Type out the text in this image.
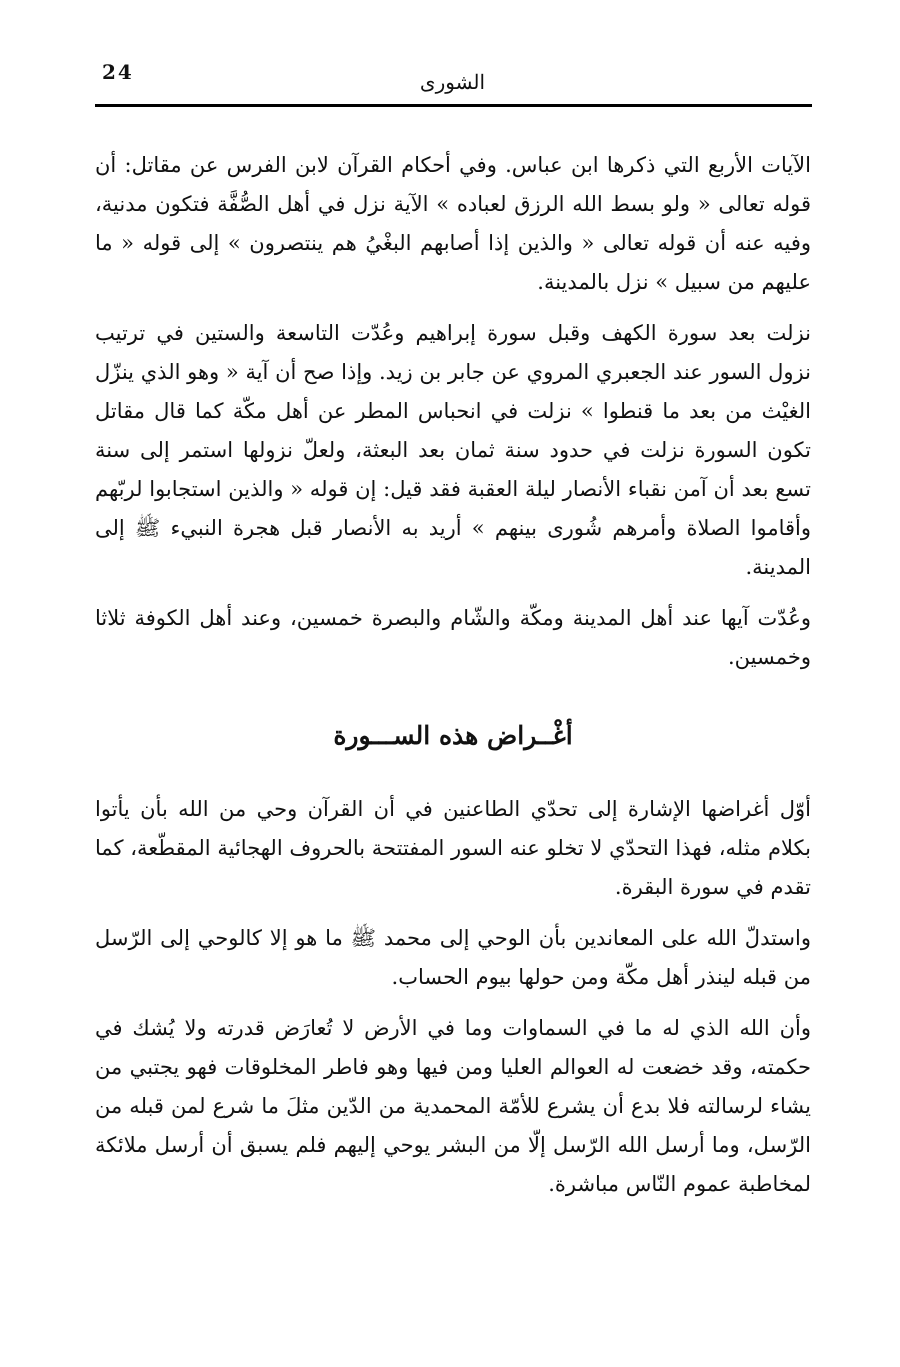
24	الشورى

الآيات الأربع التي ذكرها ابن عباس. وفي أحكام القرآن لابن الفرس عن مقاتل: أن قوله تعالى « ولو بسط الله الرزق لعباده » الآية نزل في أهل الصُّفَّة فتكون مدنية، وفيه عنه أن قوله تعالى « والذين إذا أصابهم البغْيُ هم ينتصرون » إلى قوله « ما عليهم من سبيل » نزل بالمدينة.

نزلت بعد سورة الكهف وقبل سورة إبراهيم وعُدّت التاسعة والستين في ترتيب نزول السور عند الجعبري المروي عن جابر بن زيد. وإذا صح أن آية « وهو الذي ينزّل الغيْث من بعد ما قنطوا » نزلت في انحباس المطر عن أهل مكّة كما قال مقاتل تكون السورة نزلت في حدود سنة ثمان بعد البعثة، ولعلّ نزولها استمر إلى سنة تسع بعد أن آمن نقباء الأنصار ليلة العقبة فقد قيل: إن قوله « والذين استجابوا لربّهم وأقاموا الصلاة وأمرهم شُورى بينهم » أريد به الأنصار قبل هجرة النبيء ﷺ إلى المدينة.

وعُدّت آيها عند أهل المدينة ومكّة والشّام والبصرة خمسين، وعند أهل الكوفة ثلاثا وخمسين.

أغْــراض هذه الســـورة

أوّل أغراضها الإشارة إلى تحدّي الطاعنين في أن القرآن وحي من الله بأن يأتوا بكلام مثله، فهذا التحدّي لا تخلو عنه السور المفتتحة بالحروف الهجائية المقطّعة، كما تقدم في سورة البقرة.

واستدلّ الله على المعاندين بأن الوحي إلى محمد ﷺ ما هو إلا كالوحي إلى الرّسل من قبله لينذر أهل مكّة ومن حولها بيوم الحساب.

وأن الله الذي له ما في السماوات وما في الأرض لا تُعارَض قدرته ولا يُشك في حكمته، وقد خضعت له العوالم العليا ومن فيها وهو فاطر المخلوقات فهو يجتبي من يشاء لرسالته فلا بدع أن يشرع للأمّة المحمدية من الدّين مثلَ ما شرع لمن قبله من الرّسل، وما أرسل الله الرّسل إلّا من البشر يوحي إليهم فلم يسبق أن أرسل ملائكة لمخاطبة عموم النّاس مباشرة.
